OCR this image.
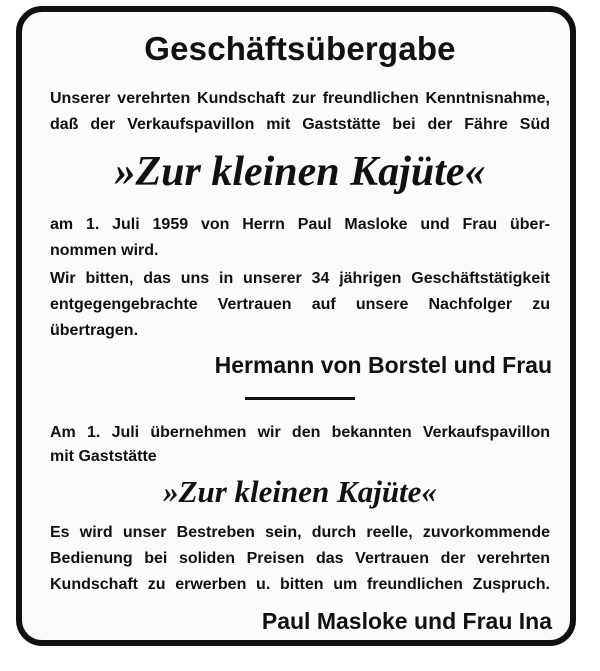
Geschäftsübergabe

Unserer verehrten Kundschaft zur freundlichen Kenntnisnahme,

daß der Verkaufspavillon mit Gaststätte bei der Fähre Süd

»Zur kleinen Kajüte«

am 1. Juli 1959 von Herrn Paul Masloke und Frau über-

nommen wird.

Wir bitten, das uns in unserer 34 jährigen Geschäftstätigkeit

entgegengebrachte Vertrauen auf unsere Nachfolger zu

übertragen.

Hermann von Borstel und Frau

Am 1. Juli übernehmen wir den bekannten Verkaufspavillon

mit Gaststätte

»Zur kleinen Kajüte«

Es wird unser Bestreben sein, durch reelle, zuvorkommende

Bedienung bei soliden Preisen das Vertrauen der verehrten

Kundschaft zu erwerben u. bitten um freundlichen Zuspruch.

Paul Masloke und Frau Ina
